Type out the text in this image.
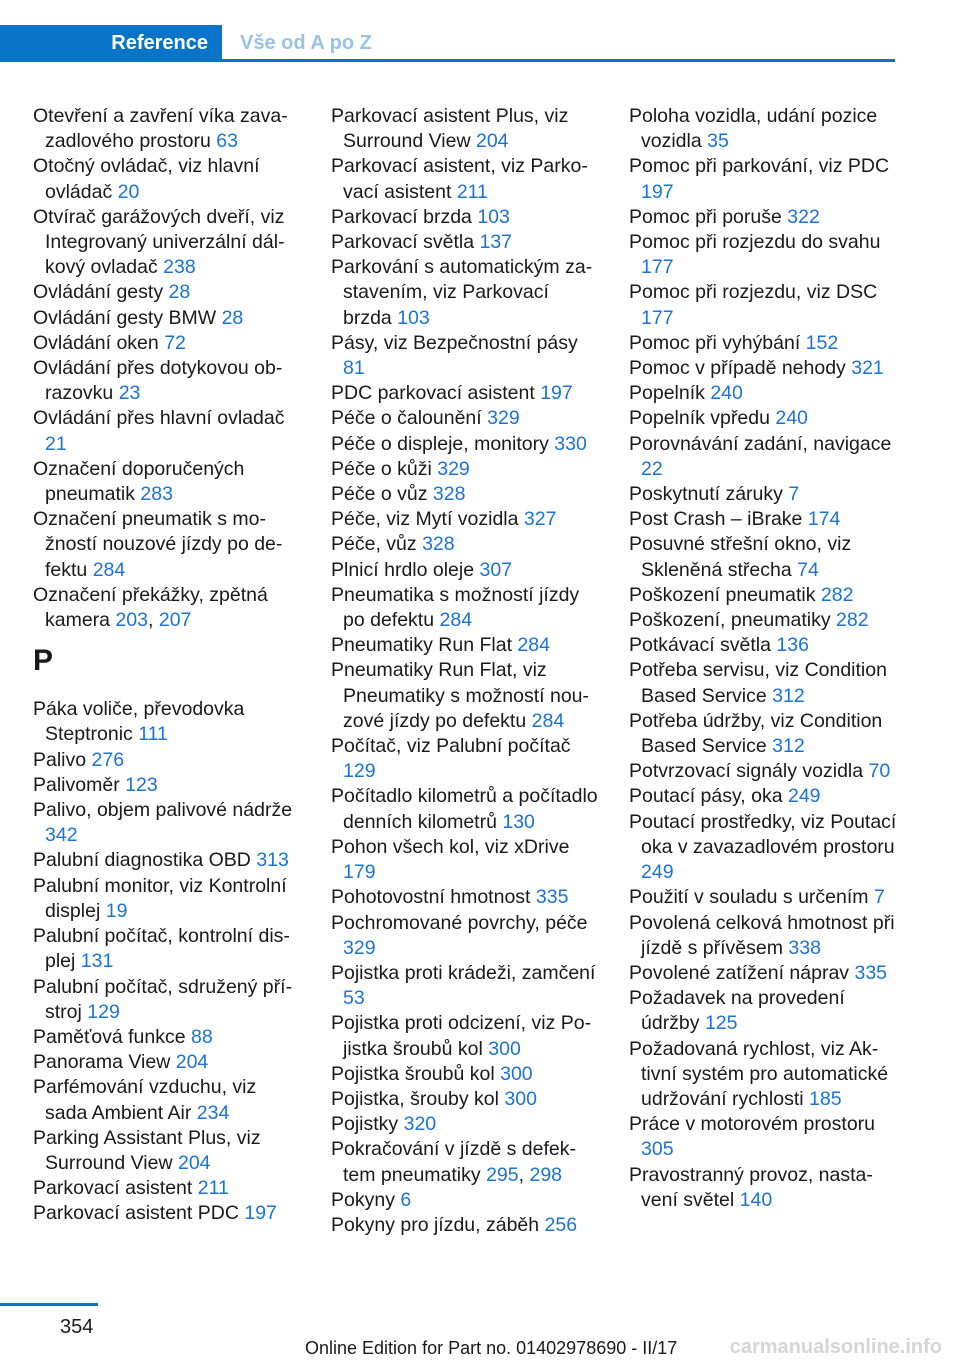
Reference	Vše od A po Z
Otevření a zavření víka zavazadlového prostoru 63
Otočný ovládač, viz hlavní ovládač 20
Otvírač garážových dveří, viz Integrovaný univerzální dálkový ovladač 238
Ovládání gesty 28
Ovládání gesty BMW 28
Ovládání oken 72
Ovládání přes dotykovou obrazovku 23
Ovládání přes hlavní ovladač 21
Označení doporučených pneumatik 283
Označení pneumatik s možností nouzové jízdy po defektu 284
Označení překážky, zpětná kamera 203, 207
P
Páka voliče, převodovka Steptronic 111
Palivo 276
Palivoměr 123
Palivo, objem palivové nádrže 342
Palubní diagnostika OBD 313
Palubní monitor, viz Kontrolní displej 19
Palubní počítač, kontrolní displej 131
Palubní počítač, sdružený přístroj 129
Paměťová funkce 88
Panorama View 204
Parfémování vzduchu, viz sada Ambient Air 234
Parking Assistant Plus, viz Surround View 204
Parkovací asistent 211
Parkovací asistent PDC 197
Parkovací asistent Plus, viz Surround View 204
Parkovací asistent, viz Parkovací asistent 211
Parkovací brzda 103
Parkovací světla 137
Parkování s automatickým zastavením, viz Parkovací brzda 103
Pásy, viz Bezpečnostní pásy 81
PDC parkovací asistent 197
Péče o čalounění 329
Péče o displeje, monitory 330
Péče o kůži 329
Péče o vůz 328
Péče, viz Mytí vozidla 327
Péče, vůz 328
Plnicí hrdlo oleje 307
Pneumatika s možností jízdy po defektu 284
Pneumatiky Run Flat 284
Pneumatiky Run Flat, viz Pneumatiky s možností nouzové jízdy po defektu 284
Počítač, viz Palubní počítač 129
Počítadlo kilometrů a počítadlo denních kilometrů 130
Pohon všech kol, viz xDrive 179
Pohotovostní hmotnost 335
Pochromované povrchy, péče 329
Pojistka proti krádeži, zamčení 53
Pojistka proti odcizení, viz Pojistka šroubů kol 300
Pojistka šroubů kol 300
Pojistka, šrouby kol 300
Pojistky 320
Pokračování v jízdě s defektem pneumatiky 295, 298
Pokyny 6
Pokyny pro jízdu, záběh 256
Poloha vozidla, udání pozice vozidla 35
Pomoc při parkování, viz PDC 197
Pomoc při poruše 322
Pomoc při rozjezdu do svahu 177
Pomoc při rozjezdu, viz DSC 177
Pomoc při vyhýbání 152
Pomoc v případě nehody 321
Popelník 240
Popelník vpředu 240
Porovnávání zadání, navigace 22
Poskytnutí záruky 7
Post Crash – iBrake 174
Posuvné střešní okno, viz Skleněná střecha 74
Poškození pneumatik 282
Poškození, pneumatiky 282
Potkávací světla 136
Potřeba servisu, viz Condition Based Service 312
Potřeba údržby, viz Condition Based Service 312
Potvrzovací signály vozidla 70
Poutací pásy, oka 249
Poutací prostředky, viz Poutací oka v zavazadlovém prostoru 249
Použití v souladu s určením 7
Povolená celková hmotnost při jízdě s přívěsem 338
Povolené zatížení náprav 335
Požadavek na provedení údržby 125
Požadovaná rychlost, viz Aktivní systém pro automatické udržování rychlosti 185
Práce v motorovém prostoru 305
Pravostranný provoz, nastavení světel 140
354
Online Edition for Part no. 01402978690 - II/17	carmanualsonline.info
